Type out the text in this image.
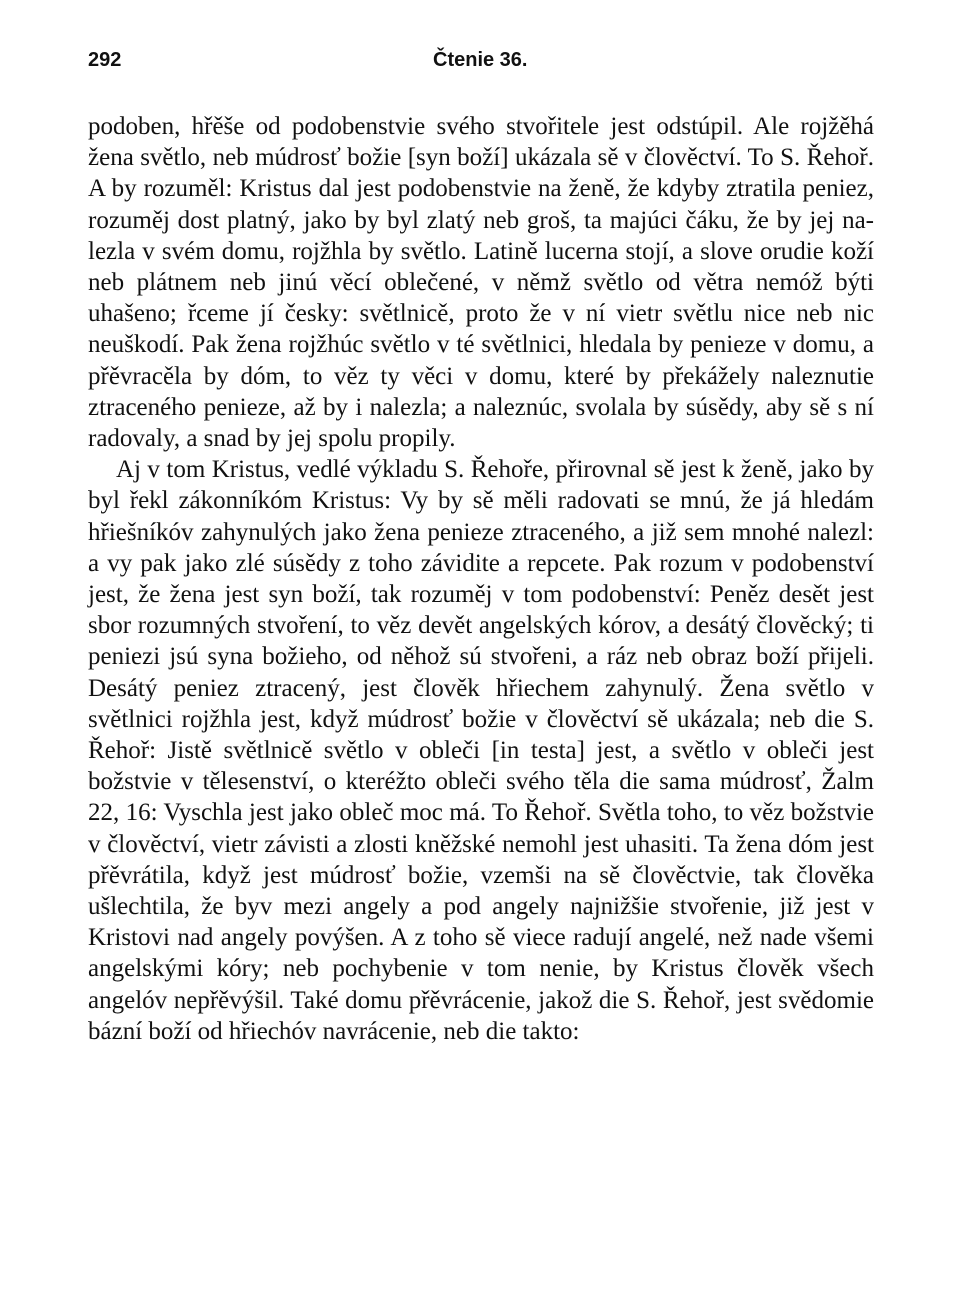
292	Čtenie 36.

podoben, hřěše od podobenstvie svého stvořitele jest odstúpil. Ale rojžěhá žena světlo, neb múdrosť božie [syn boží] ukázala sě v člověctví. To S. Řehoř. A by rozuměl: Kristus dal jest podobenstvie na ženě, že kdyby ztratila peniez, rozuměj dost platný, jako by byl zlatý neb groš, ta majúci čáku, že by jej nalezla v svém domu, rojžhla by světlo. Latině lucerna stojí, a slove orudie koží neb plátnem neb jinú věcí oblečené, v němž světlo od větra nemóž býti uhašeno; řceme jí česky: světlnicě, proto že v ní vietr světlu nice neb nic neuškodí. Pak žena rojžhúc světlo v té světlnici, hledala by penieze v domu, a přěvracěla by dóm, to věz ty věci v domu, které by překážely naleznutie ztraceného penieze, až by i nalezla; a naleznúc, svolala by súsědy, aby sě s ní radovaly, a snad by jej spolu propily.

Aj v tom Kristus, vedlé výkladu S. Řehoře, přirovnal sě jest k ženě, jako by byl řekl zákonníkóm Kristus: Vy by sě měli radovati se mnú, že já hledám hřiešníkóv zahynulých jako žena penieze ztraceného, a již sem mnohé nalezl: a vy pak jako zlé súsědy z toho závidite a repcete. Pak rozum v podobenství jest, že žena jest syn boží, tak rozuměj v tom podobenství: Peněz desět jest sbor rozumných stvoření, to věz devět angelských kórov, a desátý člověcký; ti peniezi jsú syna božieho, od něhož sú stvořeni, a ráz neb obraz boží přijeli. Desátý peniez ztracený, jest člověk hřiechem zahynulý. Žena světlo v světlnici rojžhla jest, když múdrosť božie v člověctví sě ukázala; neb die S. Řehoř: Jistě světlnicě světlo v obleči [in testa] jest, a světlo v obleči jest božstvie v tělesenství, o kteréžto obleči svého těla die sama múdrosť, Žalm 22, 16: Vyschla jest jako obleč moc má. To Řehoř. Světla toho, to věz božstvie v člověctví, vietr závisti a zlosti kněžské nemohl jest uhasiti. Ta žena dóm jest přěvrátila, když jest múdrosť božie, vzemši na sě člověctvie, tak člověka ušlechtila, že byv mezi angely a pod angely najnižšie stvořenie, již jest v Kristovi nad angely povýšen. A z toho sě viece radují angelé, než nade všemi angelskými kóry; neb pochybenie v tom nenie, by Kristus člověk všech angelóv nepřěvýšil. Také domu přěvrácenie, jakož die S. Řehoř, jest svědomie bázní boží od hřiechóv navrácenie, neb die takto:
